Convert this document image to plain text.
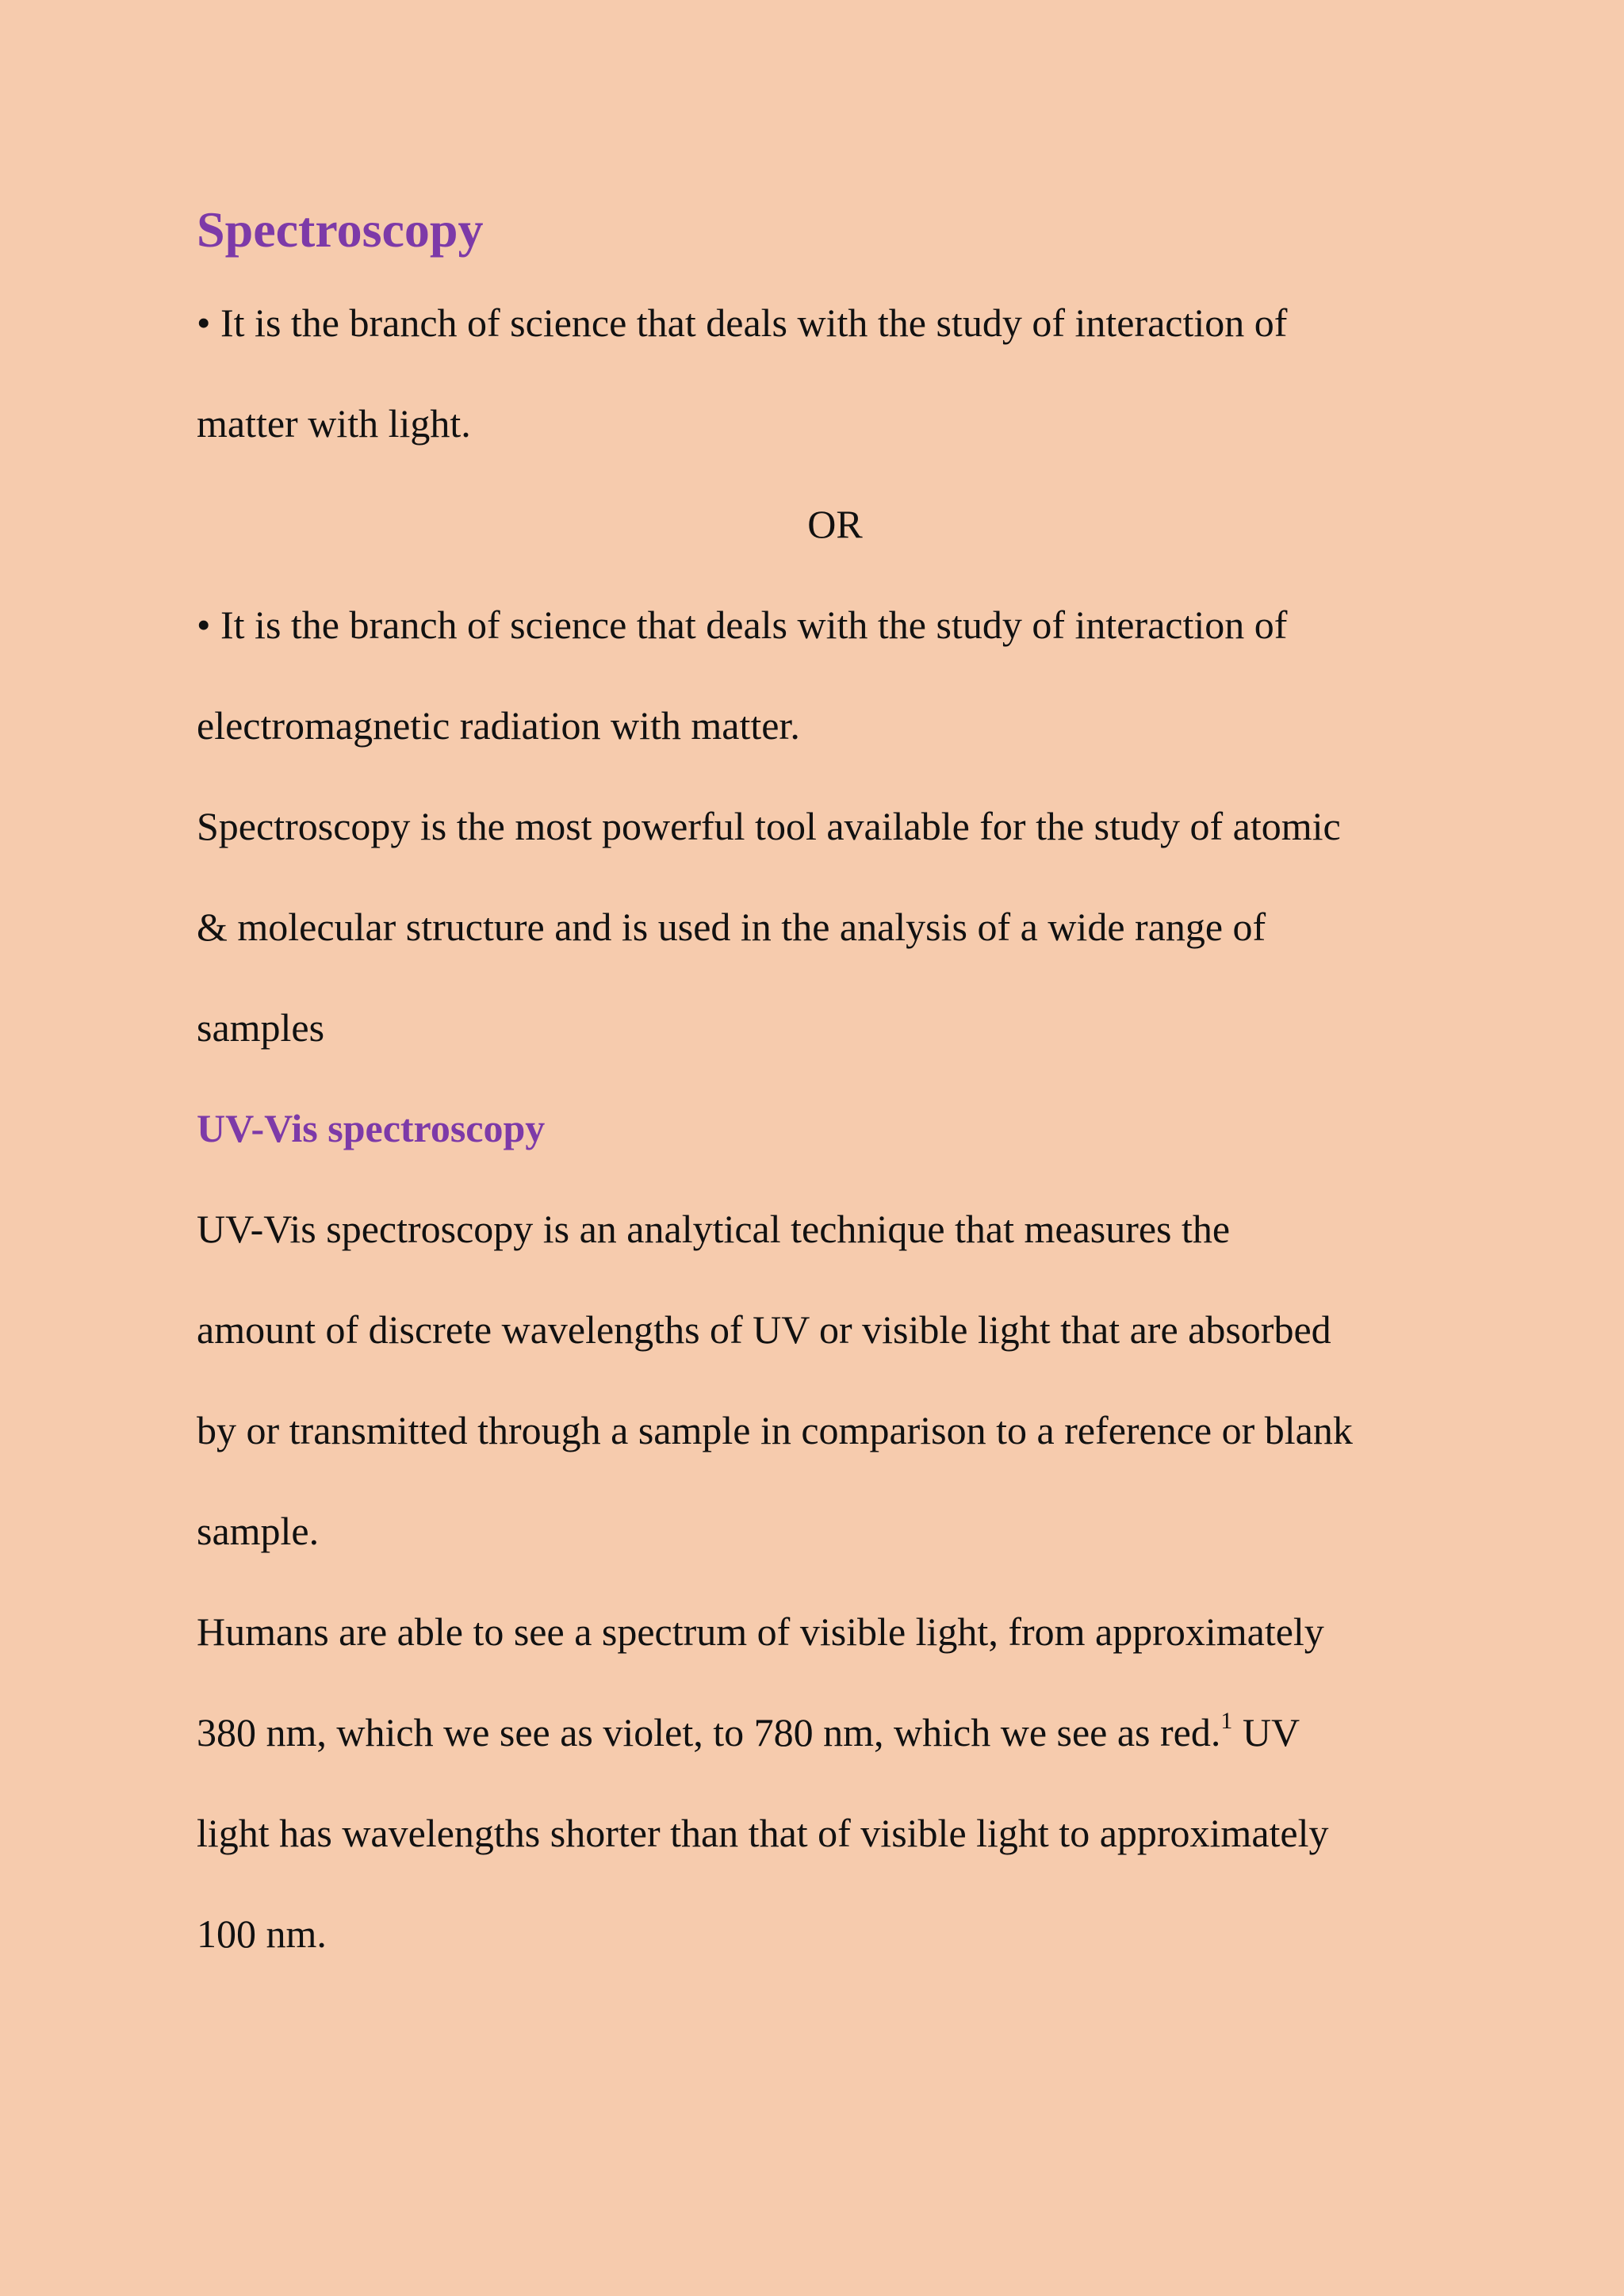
Spectroscopy

• It is the branch of science that deals with the study of interaction of

matter with light.

OR

• It is the branch of science that deals with the study of interaction of

electromagnetic radiation with matter.

Spectroscopy is the most powerful tool available for the study of atomic

& molecular structure and is used in the analysis of a wide range of

samples

UV-Vis spectroscopy

UV-Vis spectroscopy is an analytical technique that measures the

amount of discrete wavelengths of UV or visible light that are absorbed

by or transmitted through a sample in comparison to a reference or blank

sample.

Humans are able to see a spectrum of visible light, from approximately

380 nm, which we see as violet, to 780 nm, which we see as red.$^1$ UV

light has wavelengths shorter than that of visible light to approximately

100 nm.
